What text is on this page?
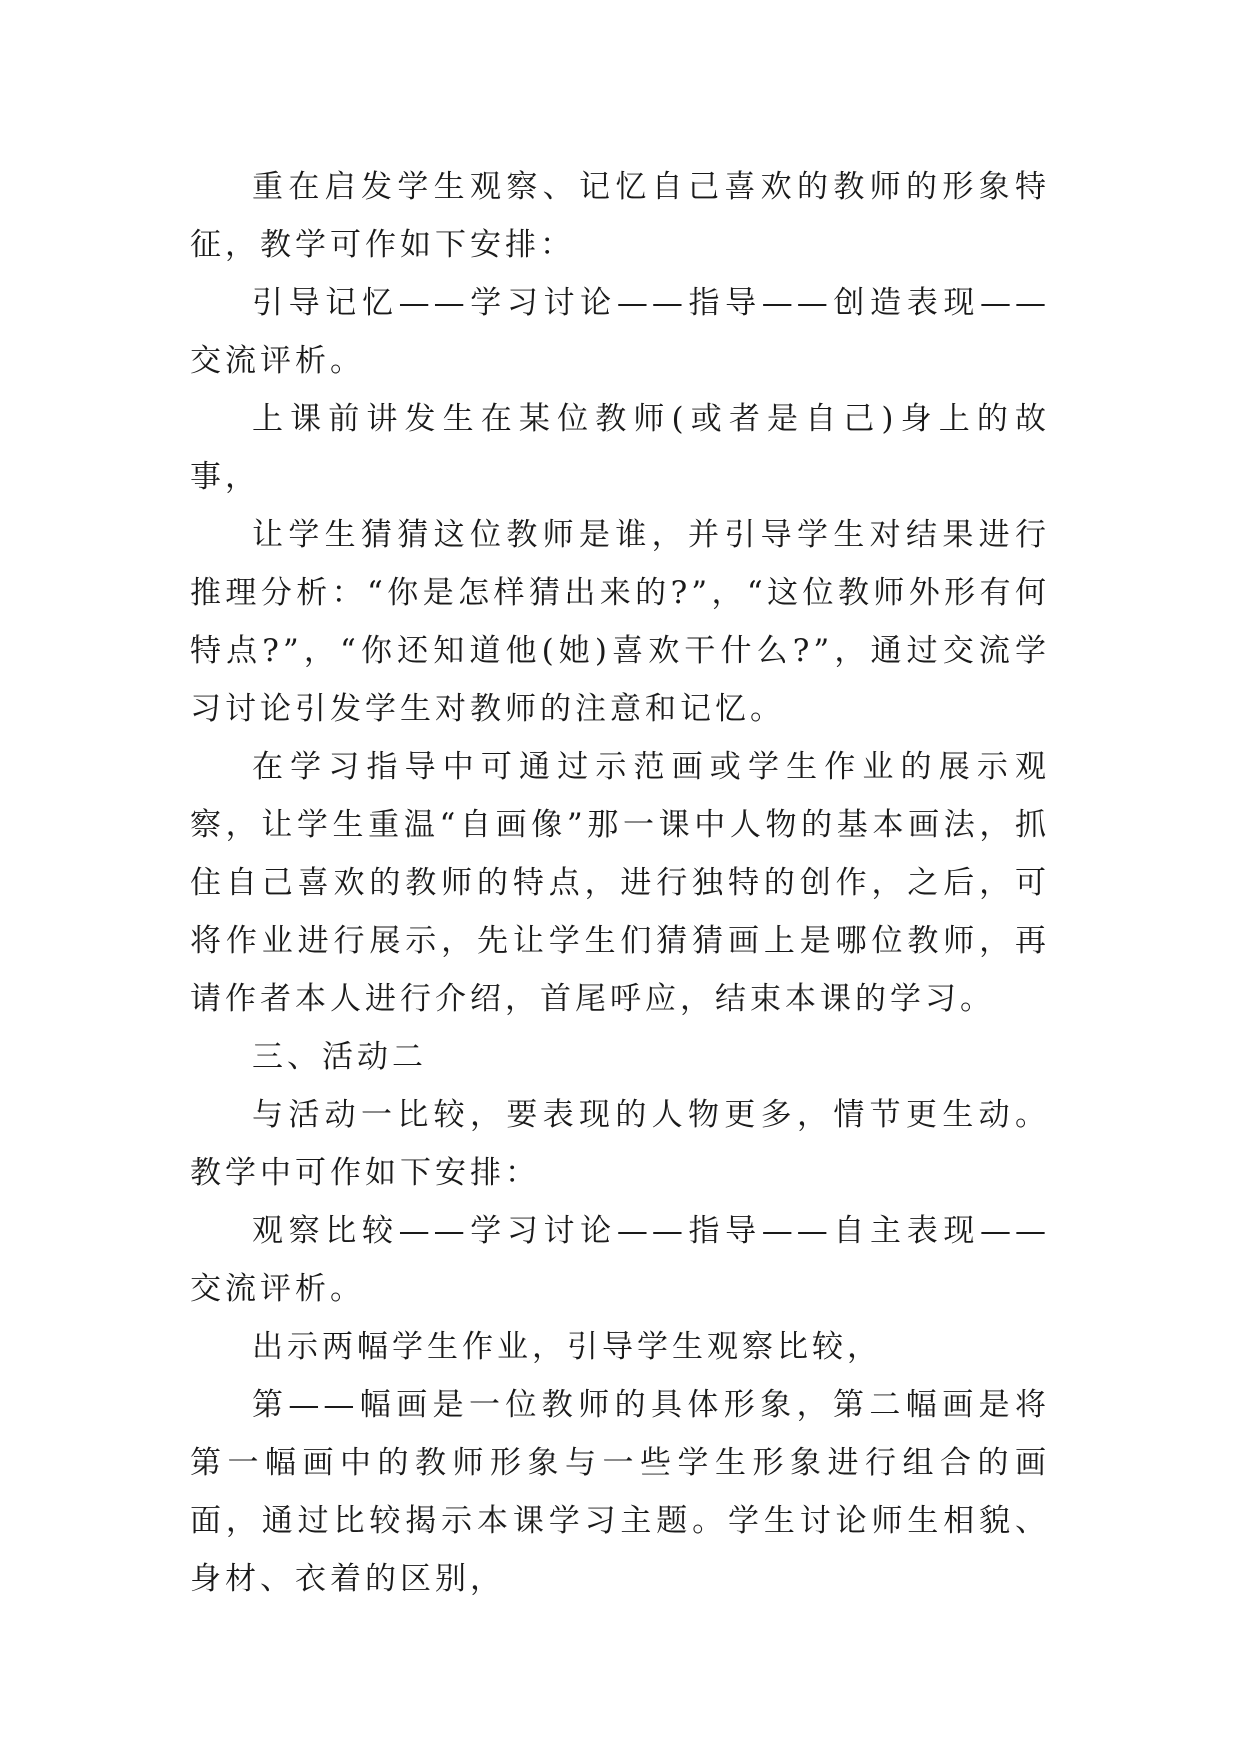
重在启发学生观察、记忆自己喜欢的教师的形象特征，教学可作如下安排：

引导记忆——学习讨论——指导——创造表现——交流评析。

上课前讲发生在某位教师(或者是自己)身上的故事，

让学生猜猜这位教师是谁，并引导学生对结果进行推理分析：“你是怎样猜出来的?”，“这位教师外形有何特点?”，“你还知道他(她)喜欢干什么?”，通过交流学习讨论引发学生对教师的注意和记忆。

在学习指导中可通过示范画或学生作业的展示观察，让学生重温“自画像”那一课中人物的基本画法，抓住自己喜欢的教师的特点，进行独特的创作，之后，可将作业进行展示，先让学生们猜猜画上是哪位教师，再请作者本人进行介绍，首尾呼应，结束本课的学习。

三、活动二

与活动一比较，要表现的人物更多，情节更生动。教学中可作如下安排：

观察比较——学习讨论——指导——自主表现——交流评析。

出示两幅学生作业，引导学生观察比较，

第——幅画是一位教师的具体形象，第二幅画是将第一幅画中的教师形象与一些学生形象进行组合的画面，通过比较揭示本课学习主题。学生讨论师生相貌、身材、衣着的区别，
